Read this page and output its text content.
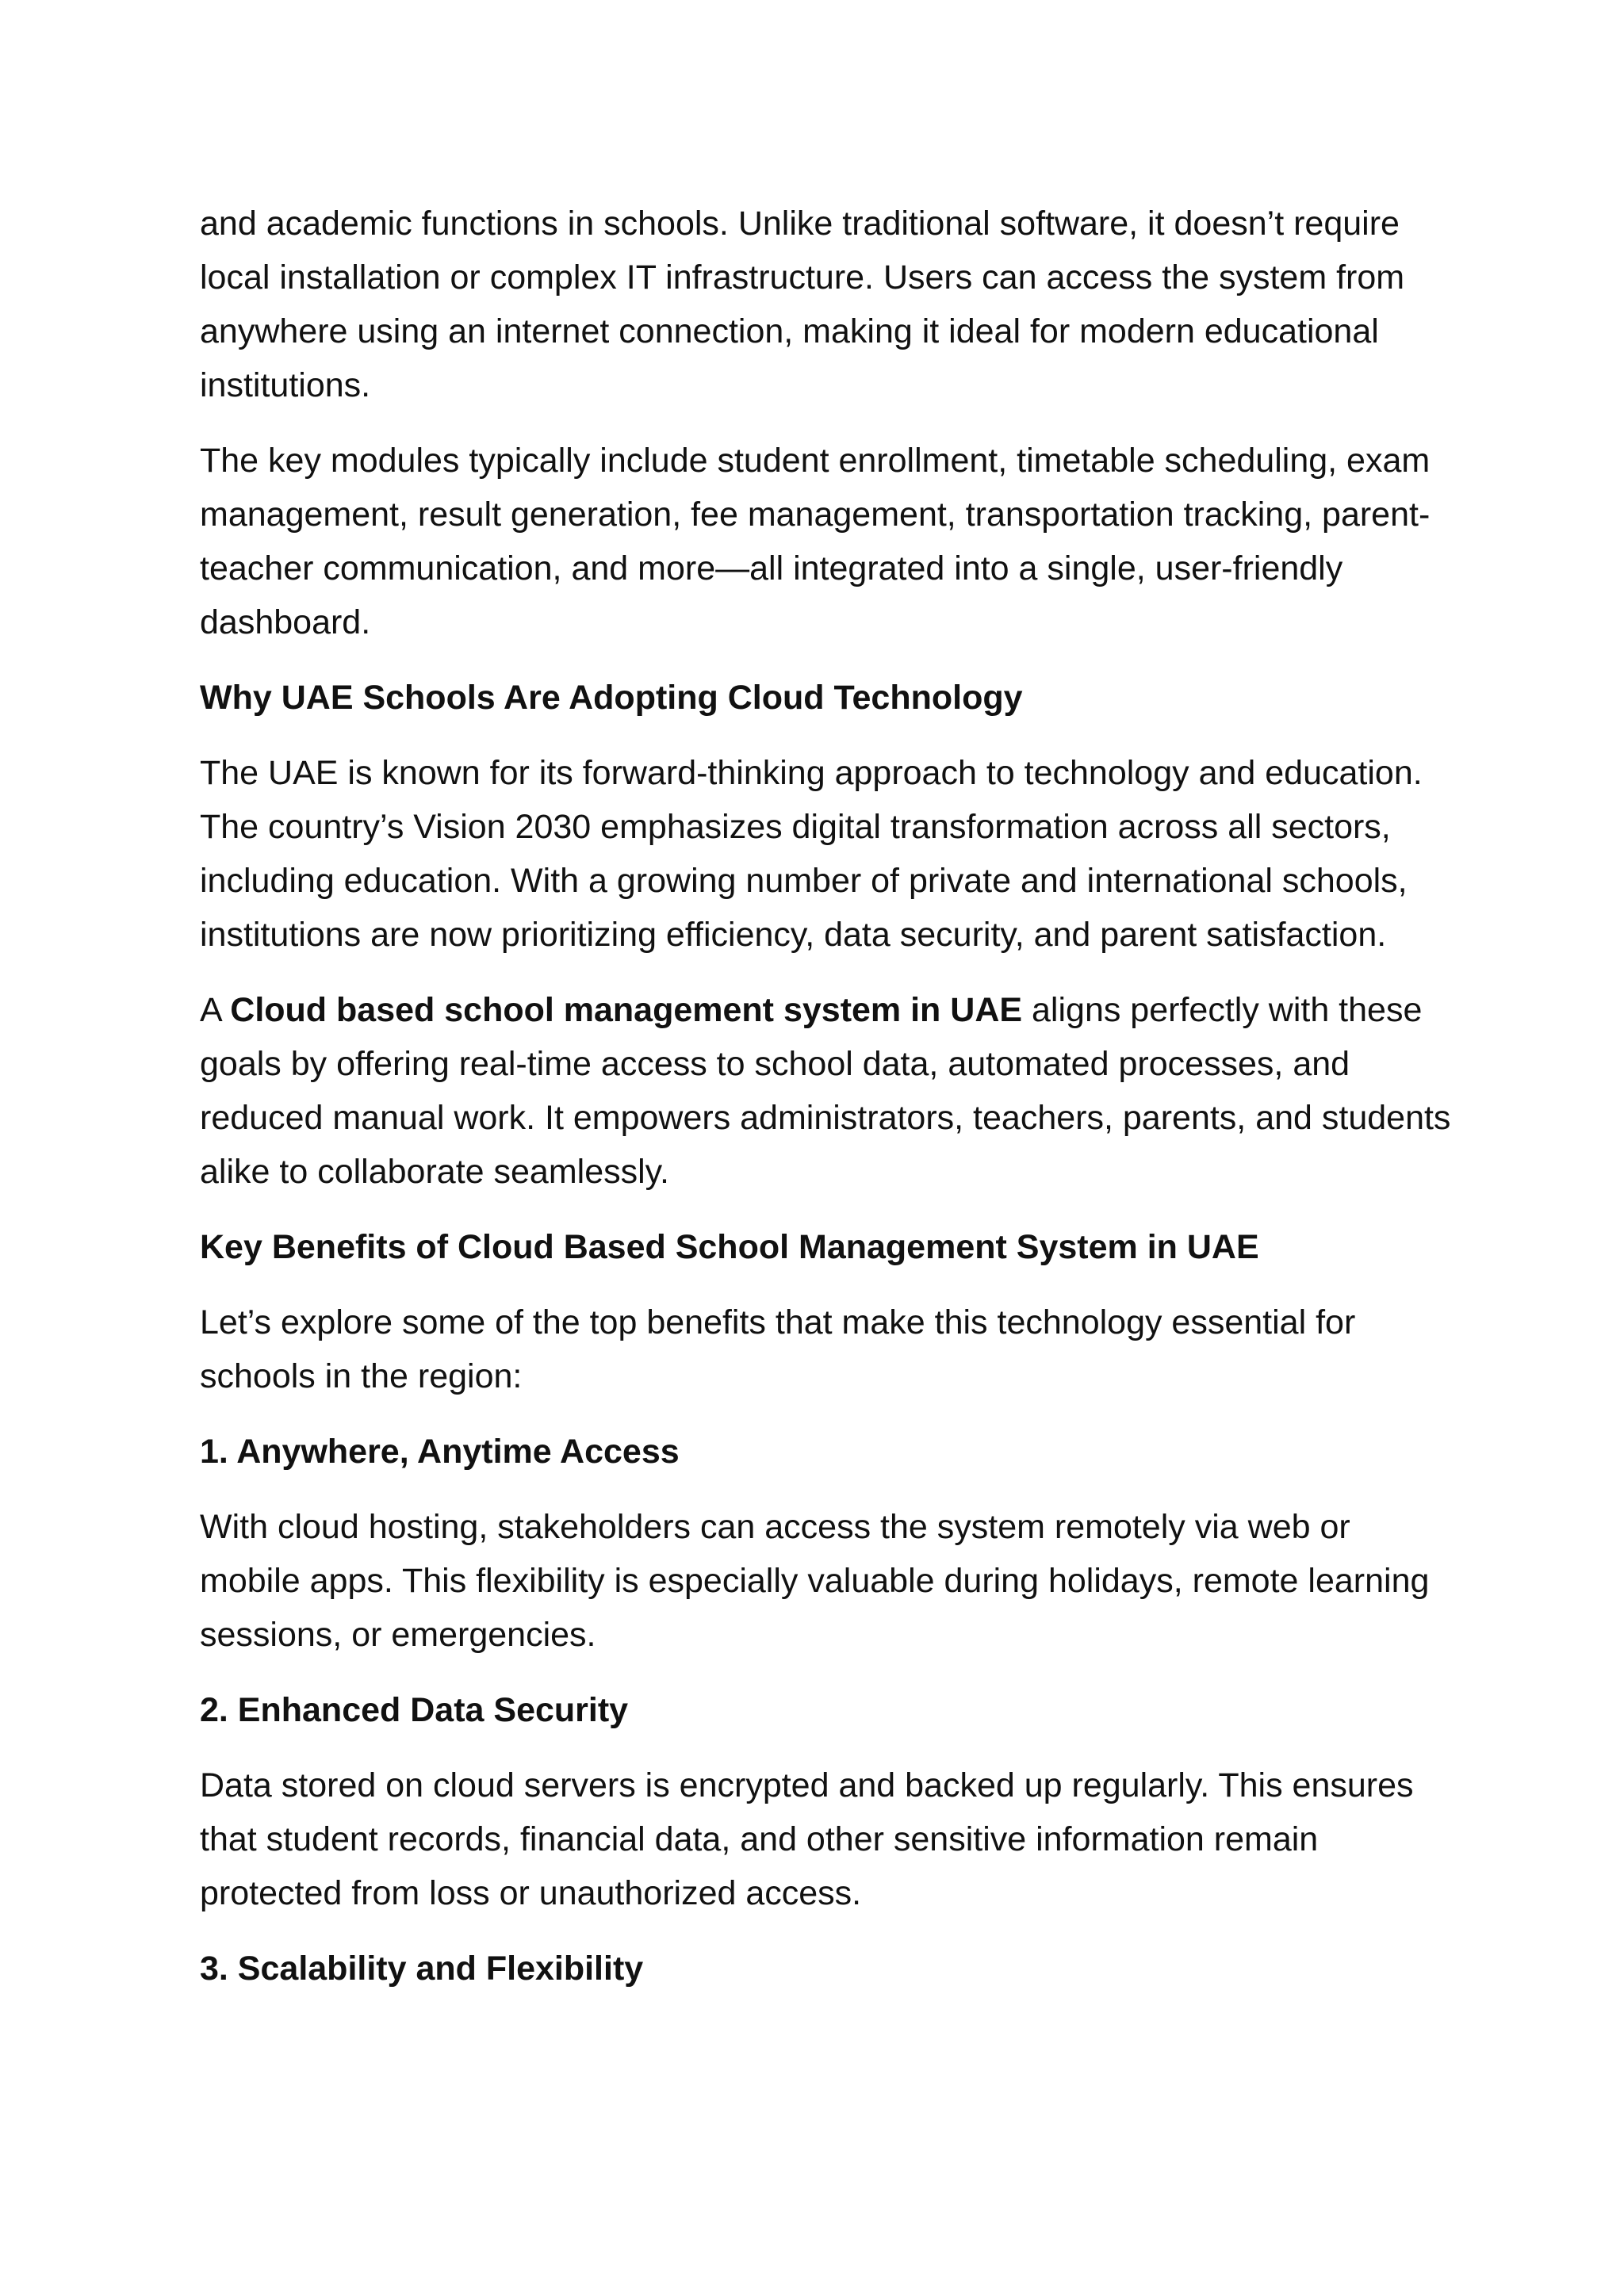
and academic functions in schools. Unlike traditional software, it doesn’t require local installation or complex IT infrastructure. Users can access the system from anywhere using an internet connection, making it ideal for modern educational institutions.

The key modules typically include student enrollment, timetable scheduling, exam management, result generation, fee management, transportation tracking, parent-teacher communication, and more—all integrated into a single, user-friendly dashboard.

Why UAE Schools Are Adopting Cloud Technology

The UAE is known for its forward-thinking approach to technology and education. The country’s Vision 2030 emphasizes digital transformation across all sectors, including education. With a growing number of private and international schools, institutions are now prioritizing efficiency, data security, and parent satisfaction.

A Cloud based school management system in UAE aligns perfectly with these goals by offering real-time access to school data, automated processes, and reduced manual work. It empowers administrators, teachers, parents, and students alike to collaborate seamlessly.

Key Benefits of Cloud Based School Management System in UAE

Let’s explore some of the top benefits that make this technology essential for schools in the region:

1. Anywhere, Anytime Access

With cloud hosting, stakeholders can access the system remotely via web or mobile apps. This flexibility is especially valuable during holidays, remote learning sessions, or emergencies.

2. Enhanced Data Security

Data stored on cloud servers is encrypted and backed up regularly. This ensures that student records, financial data, and other sensitive information remain protected from loss or unauthorized access.

3. Scalability and Flexibility
